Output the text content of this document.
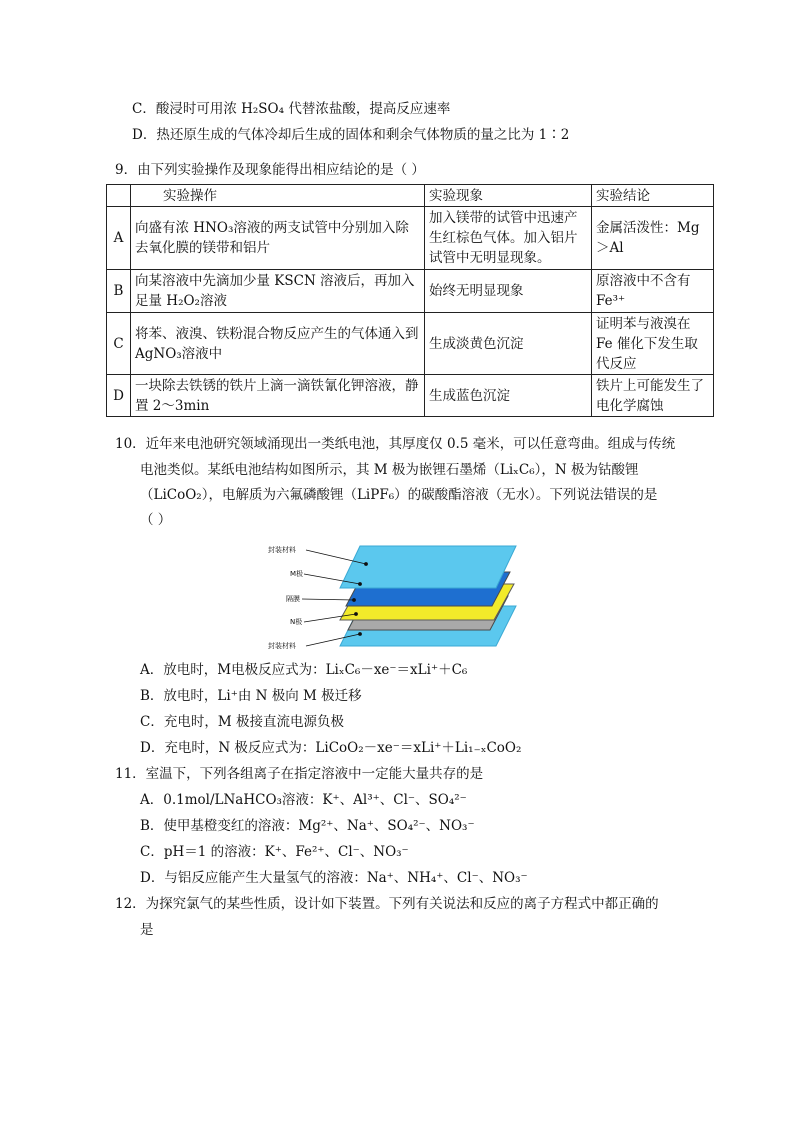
C．酸浸时可用浓 H₂SO₄ 代替浓盐酸，提高反应速率
D．热还原生成的气体冷却后生成的固体和剩余气体物质的量之比为 1∶2
9．由下列实验操作及现象能得出相应结论的是（ ）
	实验操作	实验现象	实验结论
A	向盛有浓 HNO₃溶液的两支试管中分别加入除去氧化膜的镁带和铝片	加入镁带的试管中迅速产生红棕色气体。加入铝片试管中无明显现象。	金属活泼性：Mg＞Al
B	向某溶液中先滴加少量 KSCN 溶液后，再加入足量 H₂O₂溶液	始终无明显现象	原溶液中不含有 Fe³⁺
C	将苯、液溴、铁粉混合物反应产生的气体通入到 AgNO₃溶液中	生成淡黄色沉淀	证明苯与液溴在 Fe 催化下发生取代反应
D	一块除去铁锈的铁片上滴一滴铁氰化钾溶液，静置 2～3min	生成蓝色沉淀	铁片上可能发生了电化学腐蚀
10．近年来电池研究领域涌现出一类纸电池，其厚度仅 0.5 毫米，可以任意弯曲。组成与传统
电池类似。某纸电池结构如图所示，其 M 极为嵌锂石墨烯（LiₓC₆），N 极为钴酸锂
（LiCoO₂），电解质为六氟磷酸锂（LiPF₆）的碳酸酯溶液（无水）。下列说法错误的是
（ ）
封装材料
M极
隔膜
N极
封装材料
A．放电时，M电极反应式为：LiₓC₆－xe⁻＝xLi⁺＋C₆
B．放电时，Li⁺由 N 极向 M 极迁移
C．充电时，M 极接直流电源负极
D．充电时，N 极反应式为：LiCoO₂－xe⁻＝xLi⁺＋Li₁₋ₓCoO₂
11．室温下，下列各组离子在指定溶液中一定能大量共存的是
A．0.1mol/LNaHCO₃溶液：K⁺、Al³⁺、Cl⁻、SO₄²⁻
B．使甲基橙变红的溶液：Mg²⁺、Na⁺、SO₄²⁻、NO₃⁻
C．pH＝1 的溶液：K⁺、Fe²⁺、Cl⁻、NO₃⁻
D．与铝反应能产生大量氢气的溶液：Na⁺、NH₄⁺、Cl⁻、NO₃⁻
12．为探究氯气的某些性质，设计如下装置。下列有关说法和反应的离子方程式中都正确的
是
